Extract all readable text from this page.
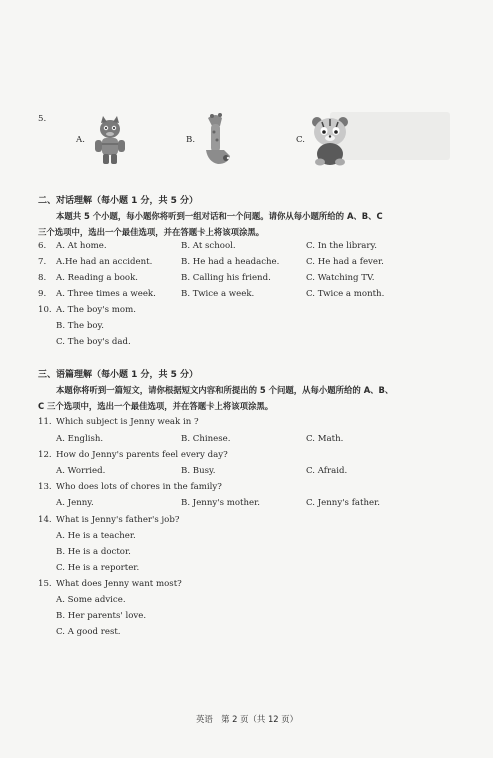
5.
A.	B.	C.
二、对话理解（每小题 1 分，共 5 分）
本题共 5 个小题，每小题你将听到一组对话和一个问题。请你从每小题所给的 A、B、C
三个选项中，选出一个最佳选项，并在答题卡上将该项涂黑。
6. A. At home.	B. At school.	C. In the library.
7. A.He had an accident.	B. He had a headache.	C. He had a fever.
8. A. Reading a book.	B. Calling his friend.	C. Watching TV.
9. A. Three times a week.	B. Twice a week.	C. Twice a month.
10. A. The boy's mom.
B. The boy.
C. The boy's dad.
三、语篇理解（每小题 1 分，共 5 分）
本题你将听到一篇短文，请你根据短文内容和所提出的 5 个问题，从每小题所给的 A、B、
C 三个选项中，选出一个最佳选项，并在答题卡上将该项涂黑。
11. Which subject is Jenny weak in ?
A. English.	B. Chinese.	C. Math.
12. How do Jenny's parents feel every day?
A. Worried.	B. Busy.	C. Afraid.
13. Who does lots of chores in the family?
A. Jenny.	B. Jenny's mother.	C. Jenny's father.
14. What is Jenny's father's job?
A. He is a teacher.
B. He is a doctor.
C. He is a reporter.
15. What does Jenny want most?
A. Some advice.
B. Her parents' love.
C. A good rest.
英语　第 2 页（共 12 页）
